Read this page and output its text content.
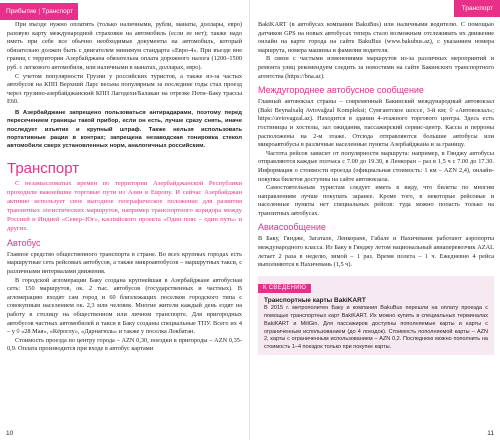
Прибытие | Транспорт

При въезде нужно оплатить (только наличными, рубли, манаты, доллары, евро) разовую карту международной страховки на автомобиль (если ее нет); также надо иметь при себе все обычно необходимые документы на автомобиль, который обязательно должен быть с двигателем минимум стандарта «Евро-4». При въезде вне границ с территории Азербайджана обязательна оплата дорожного налога (1200–1500 руб. с легкового автомобиля, или наличными в манатах, долларах, евро).

С учетом популярности Грузии у российских туристов, а также из-за частых автобусов на КПП Верхний Ларс весьма популярным за последние годы стал проезд через грузино-азербайджанский КПП Лагодехи/Балакан на отрезке Поти–Баку трассы Е60.

В Азербайджане запрещено пользоваться антирадарами, поэтому перед пересечением границы такой прибор, если он есть, лучше сразу снять, иначе последует изъятие и крупный штраф. Также нельзя использовать портативные рации в контрах; запрещена незаводская тонировка стекол автомобиле сверх установленных норм, аналогичных российским.

Транспорт

С незамысловатых времен по территории Азербайджанской Республики проходили важнейшие торговые пути из Азии в Европу. И сейчас Азербайджан активно использует свое выгодное географическое положение для развития транзитных логистических маршрутов, например транспортного коридора между Россией и Индией «Север–Юг», каспийского проекта «Один пояс – один путь» и других.

Автобус

Главное средство общественного транспорта в стране. Во всех крупных городах есть маршрутные сеть рейсовых автобусов, а также микроавтобусов – маршрутных такси, с различными интервалами движения.

В городской агломерации Баку создана крупнейшая в Азербайджане автобусная сеть: 150 маршрутов, ок. 2 тыс. автобусов (государственных и частных). В агломерацию входят сам город и 60 близлежащих поселков городского типа с совокупным населением ок. 2,3 млн человек. Многие жители каждый день ездят на работу в столицу на общественном или личном транспорте. Для пригородных автобусов частных автомобилей и такси в Баку созданы специальные ТПУ. Всего их 4 – у ◊ «28 Мая», «Кёроглу», «Дарнагюль» и также у поселка Локбатан.

Стоимость проезда по центру города – AZN 0,30, поездки в пригороды – AZN 0,35-0,9. Оплата производится при входе в автобус картами

10
Транспорт

BakiKART (в автобусах компании BakuBus) или наличными водителю. С помощью датчиков GPS на новых автобусах теперь стало возможным отслеживать их движение онлайн на карте города на сайте BakuBus (www.bakubus.az), с указанием номера маршрута, номера машины и фамилии водителя.

В связи с частыми изменениями маршрутов из-за различных мероприятий и ремонта улиц рекомендуем следить за новостями на сайте Бакинского транспортного агентства (https://bna.az).

Междугороднее автобусное сообщение

Главный автовокзал страны – современный Бакинский международный автовокзал (Baki Beynalxalq Avtovağzal Kompleksi; Сумгаитское шоссе, 3-й км; ◊ «Автовокзал»; https://avtovagzal.az). Находится в здании 4-этажного торгового центра. Здесь есть гостиницы и хостелы, зал ожидания, пассажирский сервис-центр. Кассы и перроны расположены на 2-м этаже. Отсюда отправляются большие автобусы или микроавтобусы в различные населенные пункты Азербайджана и за границу.

Частота рейсов зависит от популярности маршрута: например, в Гянджу автобусы отправляются каждые полчаса с 7.00 до 19.30, в Ленкоран – раз в 1,5 ч с 7.00 до 17.30. Информация о стоимости проезда (официальная стоимость: 1 км – AZN 2,4), онлайн-покупка билетов доступны на сайте автовокзала.

Самостоятельным туристам следует иметь в виду, что билеты по многим направлениям лучше покупать заранее. Кроме того, в некоторые рейсовые и населенные пункты нет специальных рейсов: туда можно попасть только на транзитных автобусах.

Авиасообщение

В Баку, Гяндже, Загатале, Ленкоране, Габале и Нахичевани работают аэропорты международного класса. Из Баку в Гянджу летом национальный авиаперевозчик AZAL летает 2 раза в неделю, зимой – 1 раз. Время полета – 1 ч. Ежедневно 4 рейса выполняются в Нахичевань (1,5 ч).

К СВЕДЕНИЮ
Транспортные карты BakiKART

В 2015 г. метрополитен Баку и компания BakuBus перешли на оплату проезда с помощью транспортных карт BakiKART. Их можно купить в специальных терминалах BakiKART и MiliGin. Для пассажиров доступны пополняемые карты и карты с ограниченным использованием (до 4 поездок). Стоимость пополняемой карты – AZN 2, карты с ограниченным использованием – AZN 0,2. Последнюю можно пополнить на стоимость 1–4 поездок только при покупке карты.

11
